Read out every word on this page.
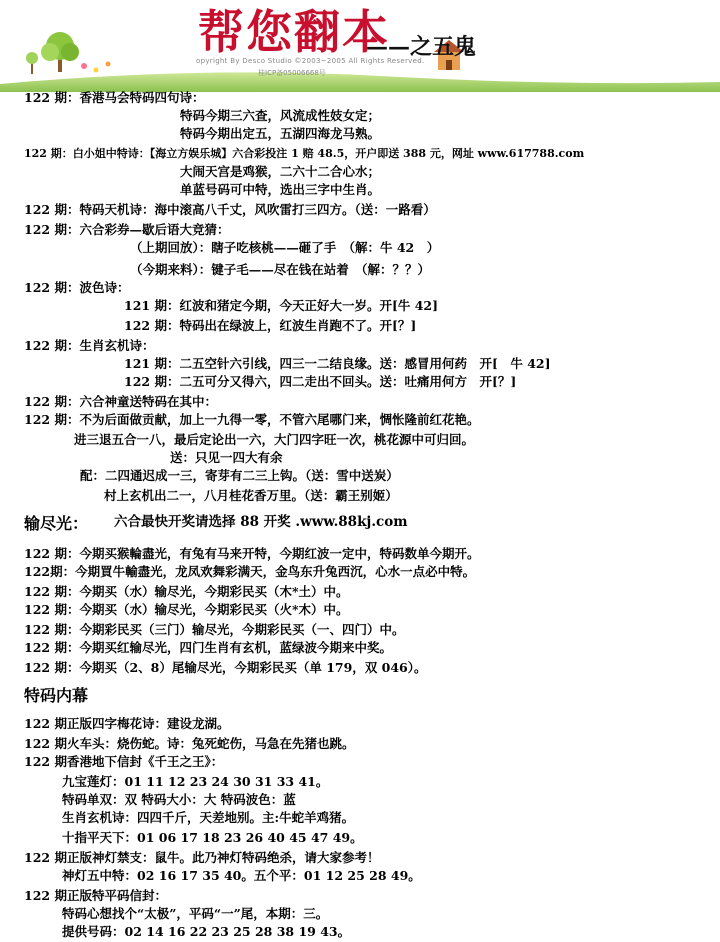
帮您翻本
——之五鬼
opyright By Desco Studio ©2003~2005 All Rights Reserved.
桂ICP备05006668号
122 期：香港马会特码四句诗：
特码今期三六查，风流成性妓女定；
特码今期出定五，五湖四海龙马熟。
122 期：白小姐中特诗：【海立方娱乐城】六合彩投注 1 赔 48.5，开户即送 388 元，网址 www.617788.com
大闹天宫是鸡猴，二六十二合心水；
单蓝号码可中特，选出三字中生肖。
122 期：特码天机诗：海中滚高八千丈，风吹雷打三四方。（送：一路看）
122 期：六合彩券—歇后语大竞猜：
（上期回放）：瞎子吃核桃——砸了手　（解：牛 42　）
（今期来料）：键子毛——尽在钱在站着　（解：？？）
122 期：波色诗：
121 期：红波和猪定今期，今天正好大一岁。开[牛 42]
122 期：特码出在绿波上，红波生肖跑不了。开[？]
122 期：生肖玄机诗：
121 期：二五空针六引线，四三一二结良缘。送：感冒用何药　开[　牛 42]
122 期：二五可分又得六，四二走出不回头。送：吐痛用何方　开[？]
122 期：六合神童送特码在其中：
122 期：不为后面做贡献，加上一九得一零，不管六尾哪门来，惆怅隆前红花艳。
进三退五合一八，最后定论出一六，大门四字旺一次，桃花源中可归回。
送：只见一四大有余
配：二四通迟成一三，寄芽有二三上钩。（送：雪中送炭）
村上玄机出二一，八月桂花香万里。（送：霸王别姬）
输尽光： 六合最快开奖请选择 88 开奖 .www.88kj.com
122 期：今期买猴輪盡光，有兔有马来开特，今期红波一定中，特码数单今期开。
122期：今期買牛輸盡光，龙凤欢舞彩满天，金鸟东升兔西沉，心水一点必中特。
122 期：今期买（水）输尽光，今期彩民买（木*土）中。
122 期：今期买（水）输尽光，今期彩民买（火*木）中。
122 期：今期彩民买（三门）输尽光，今期彩民买（一、四门）中。
122 期：今期买红输尽光，四门生肖有玄机，蓝绿波今期来中奖。
122 期：今期买（2、8）尾输尽光，今期彩民买（单 179，双 046）。
特码内幕
122 期正版四字梅花诗：建设龙湖。
122 期火车头：烧伤蛇。诗：兔死蛇伤，马急在先猪也跳。
122 期香港地下信封《千王之王》：
九宝莲灯：01 11 12 23 24 30 31 33 41。
特码单双：双 特码大小：大 特码波色：蓝
生肖玄机诗：四四千斤，天差地别。主:牛蛇羊鸡猪。
十指平天下：01 06 17 18 23 26 40 45 47 49。
122 期正版神灯禁支：鼠牛。此乃神灯特码绝杀，请大家参考！
神灯五中特：02 16 17 35 40。五个平：01 12 25 28 49。
122 期正版特平码信封：
特码心想找个“太极”，平码“一”尾，本期：三。
提供号码：02 14 16 22 23 25 28 38 19 43。
